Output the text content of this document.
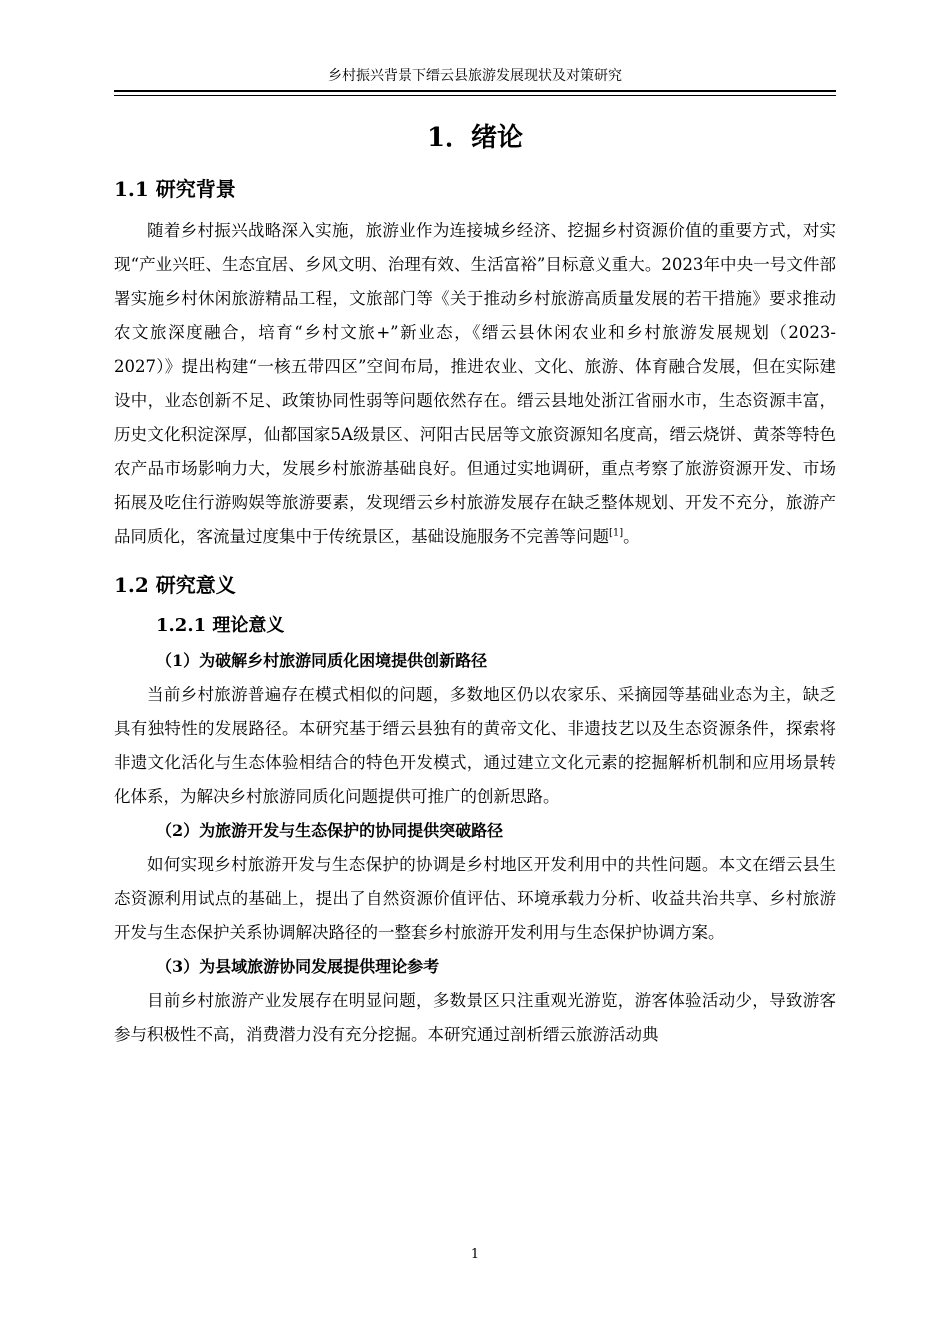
乡村振兴背景下缙云县旅游发展现状及对策研究
1．绪论
1.1 研究背景

随着乡村振兴战略深入实施，旅游业作为连接城乡经济、挖掘乡村资源价值的重要方式，对实现“产业兴旺、生态宜居、乡风文明、治理有效、生活富裕”目标意义重大。2023年中央一号文件部署实施乡村休闲旅游精品工程，文旅部门等《关于推动乡村旅游高质量发展的若干措施》要求推动农文旅深度融合，培育“乡村文旅+”新业态，《缙云县休闲农业和乡村旅游发展规划（2023-2027）》提出构建“一核五带四区”空间布局，推进农业、文化、旅游、体育融合发展，但在实际建设中，业态创新不足、政策协同性弱等问题依然存在。缙云县地处浙江省丽水市，生态资源丰富，历史文化积淀深厚，仙都国家5A级景区、河阳古民居等文旅资源知名度高，缙云烧饼、黄茶等特色农产品市场影响力大，发展乡村旅游基础良好。但通过实地调研，重点考察了旅游资源开发、市场拓展及吃住行游购娱等旅游要素，发现缙云乡村旅游发展存在缺乏整体规划、开发不充分，旅游产品同质化，客流量过度集中于传统景区，基础设施服务不完善等问题[1]。

1.2 研究意义
1.2.1 理论意义
（1）为破解乡村旅游同质化困境提供创新路径

当前乡村旅游普遍存在模式相似的问题，多数地区仍以农家乐、采摘园等基础业态为主，缺乏具有独特性的发展路径。本研究基于缙云县独有的黄帝文化、非遗技艺以及生态资源条件，探索将非遗文化活化与生态体验相结合的特色开发模式，通过建立文化元素的挖掘解析机制和应用场景转化体系，为解决乡村旅游同质化问题提供可推广的创新思路。

（2）为旅游开发与生态保护的协同提供突破路径

如何实现乡村旅游开发与生态保护的协调是乡村地区开发利用中的共性问题。本文在缙云县生态资源利用试点的基础上，提出了自然资源价值评估、环境承载力分析、收益共治共享、乡村旅游开发与生态保护关系协调解决路径的一整套乡村旅游开发利用与生态保护协调方案。

（3）为县域旅游协同发展提供理论参考

目前乡村旅游产业发展存在明显问题，多数景区只注重观光游览，游客体验活动少，导致游客参与积极性不高，消费潜力没有充分挖掘。本研究通过剖析缙云旅游活动典

1
